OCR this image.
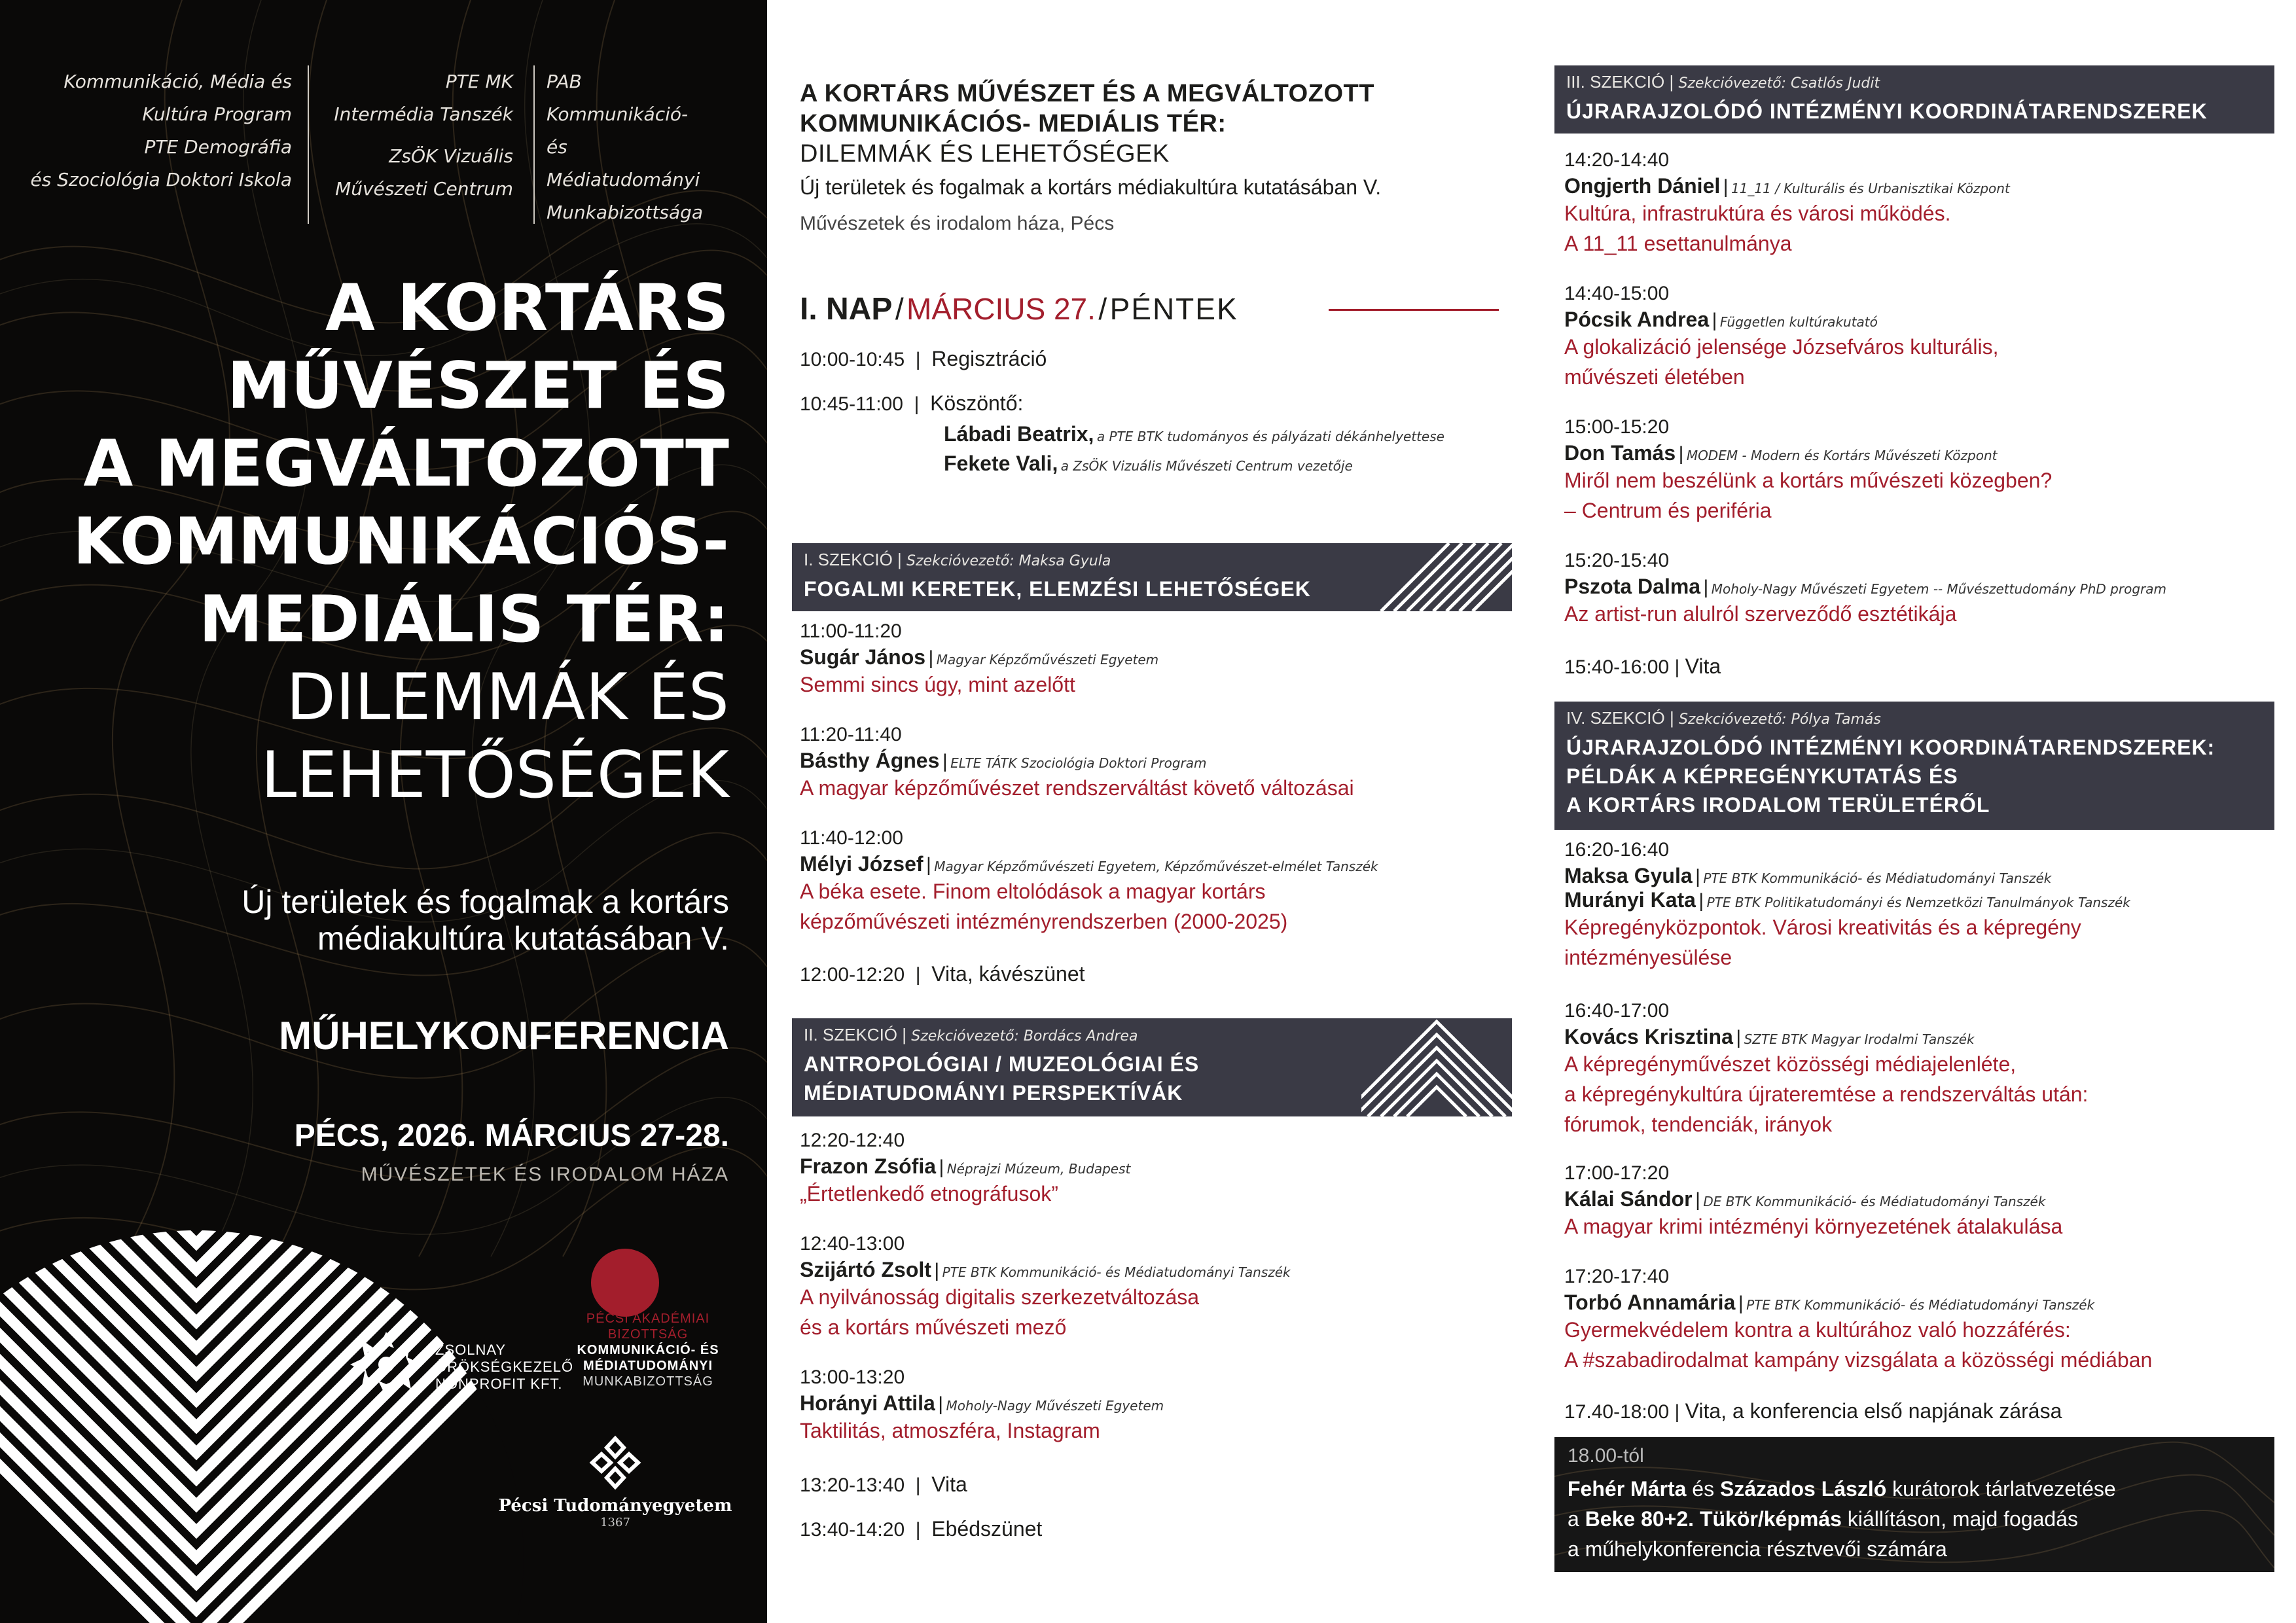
Kommunikáció, Média és
Kultúra Program
PTE Demográfia
és Szociológia Doktori Iskola
PTE MK
Intermédia Tanszék
ZsÖK Vizuális
Művészeti Centrum
PAB Kommunikáció-
és Médiatudományi
Munkabizottsága
A KORTÁRS
MŰVÉSZET ÉS
A MEGVÁLTOZOTT
KOMMUNIKÁCIÓS-
MEDIÁLIS TÉR:
DILEMMÁK ÉS
LEHETŐSÉGEK
Új területek és fogalmak a kortárs
médiakultúra kutatásában V.
MŰHELYKONFERENCIA
PÉCS, 2026. MÁRCIUS 27-28.
MŰVÉSZETEK ÉS IRODALOM HÁZA
ZSOLNAY
ÖRÖKSÉGKEZELŐ
NONPROFIT KFT.
PÉCSI AKADÉMIAI
BIZOTTSÁG
KOMMUNIKÁCIÓ- ÉS
MÉDIATUDOMÁNYI
MUNKABIZOTTSÁG
Pécsi Tudományegyetem
1367
A KORTÁRS MŰVÉSZET ÉS A MEGVÁLTOZOTT
KOMMUNIKÁCIÓS- MEDIÁLIS TÉR:
DILEMMÁK ÉS LEHETŐSÉGEK
Új területek és fogalmak a kortárs médiakultúra kutatásában V.
Művészetek és irodalom háza, Pécs
I. NAP / MÁRCIUS 27. / PÉNTEK
10:00-10:45  |  Regisztráció
10:45-11:00  |  Köszöntő:
Lábadi Beatrix, a PTE BTK tudományos és pályázati dékánhelyettese
Fekete Vali, a ZsÖK Vizuális Művészeti Centrum vezetője
I. SZEKCIÓ | Szekcióvezető: Maksa Gyula
FOGALMI KERETEK, ELEMZÉSI LEHETŐSÉGEK
11:00-11:20
Sugár János | Magyar Képzőművészeti Egyetem
Semmi sincs úgy, mint azelőtt
11:20-11:40
Básthy Ágnes | ELTE TÁTK Szociológia Doktori Program
A magyar képzőművészet rendszerváltást követő változásai
11:40-12:00
Mélyi József | Magyar Képzőművészeti Egyetem, Képzőművészet-elmélet Tanszék
A béka esete. Finom eltolódások a magyar kortárs
képzőművészeti intézményrendszerben (2000-2025)
12:00-12:20  |  Vita, kávészünet
II. SZEKCIÓ | Szekcióvezető: Bordács Andrea
ANTROPOLÓGIAI / MUZEOLÓGIAI ÉS
MÉDIATUDOMÁNYI PERSPEKTÍVÁK
12:20-12:40
Frazon Zsófia | Néprajzi Múzeum, Budapest
„Értetlenkedő etnográfusok”
12:40-13:00
Szijártó Zsolt | PTE BTK Kommunikáció- és Médiatudományi Tanszék
A nyilvánosság digitalis szerkezetváltozása
és a kortárs művészeti mező
13:00-13:20
Horányi Attila | Moholy-Nagy Művészeti Egyetem
Taktilitás, atmoszféra, Instagram
13:20-13:40  |  Vita
13:40-14:20  |  Ebédszünet
III. SZEKCIÓ | Szekcióvezető: Csatlós Judit
ÚJRARAJZOLÓDÓ INTÉZMÉNYI KOORDINÁTARENDSZEREK
14:20-14:40
Ongjerth Dániel | 11_11 / Kulturális és Urbanisztikai Központ
Kultúra, infrastruktúra és városi működés.
A 11_11 esettanulmánya
14:40-15:00
Pócsik Andrea | Független kultúrakutató
A glokalizáció jelensége Józsefváros kulturális,
művészeti életében
15:00-15:20
Don Tamás | MODEM - Modern és Kortárs Művészeti Központ
Miről nem beszélünk a kortárs művészeti közegben?
– Centrum és periféria
15:20-15:40
Pszota Dalma | Moholy-Nagy Művészeti Egyetem -- Művészettudomány PhD program
Az artist-run alulról szerveződő esztétikája
15:40-16:00 | Vita
IV. SZEKCIÓ | Szekcióvezető: Pólya Tamás
ÚJRARAJZOLÓDÓ INTÉZMÉNYI KOORDINÁTARENDSZEREK:
PÉLDÁK A KÉPREGÉNYKUTATÁS ÉS
A KORTÁRS IRODALOM TERÜLETÉRŐL
16:20-16:40
Maksa Gyula | PTE BTK Kommunikáció- és Médiatudományi Tanszék
Murányi Kata | PTE BTK Politikatudományi és Nemzetközi Tanulmányok Tanszék
Képregényközpontok. Városi kreativitás és a képregény
intézményesülése
16:40-17:00
Kovács Krisztina | SZTE BTK Magyar Irodalmi Tanszék
A képregényművészet közösségi médiajelenléte,
a képregénykultúra újrateremtése a rendszerváltás után:
fórumok, tendenciák, irányok
17:00-17:20
Kálai Sándor | DE BTK Kommunikáció- és Médiatudományi Tanszék
A magyar krimi intézményi környezetének átalakulása
17:20-17:40
Torbó Annamária | PTE BTK Kommunikáció- és Médiatudományi Tanszék
Gyermekvédelem kontra a kultúrához való hozzáférés:
A #szabadirodalmat kampány vizsgálata a közösségi médiában
17.40-18:00 | Vita, a konferencia első napjának zárása
18.00-tól
Fehér Márta és Százados László kurátorok tárlatvezetése
a Beke 80+2. Tükör/képmás kiállításon, majd fogadás
a műhelykonferencia résztvevői számára
